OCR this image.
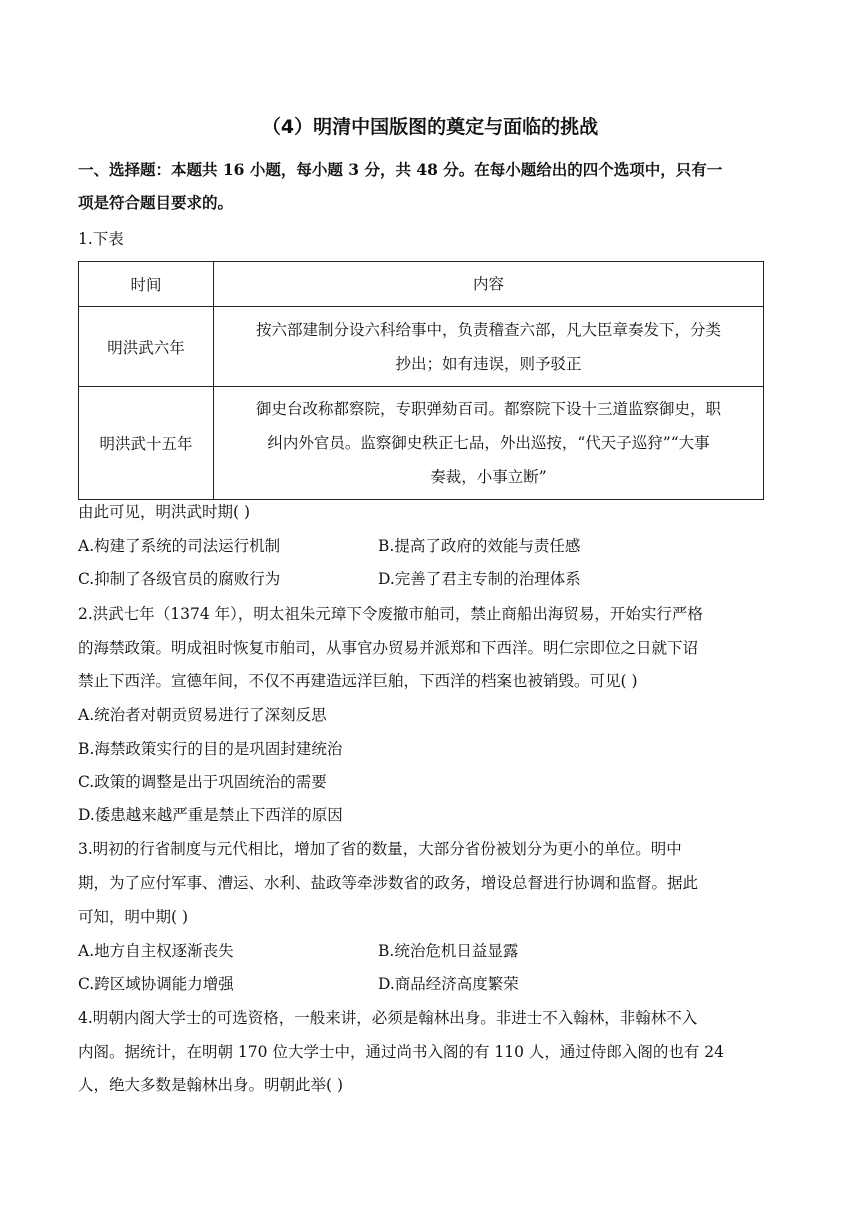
（4）明清中国版图的奠定与面临的挑战
一、选择题：本题共 16 小题，每小题 3 分，共 48 分。在每小题给出的四个选项中，只有一
项是符合题目要求的。
1.下表
时间	内容
明洪武六年	按六部建制分设六科给事中，负责稽查六部，凡大臣章奏发下，分类
抄出；如有违误，则予驳正

明洪武十五年	御史台改称都察院，专职弹劾百司。都察院下设十三道监察御史，职
纠内外官员。监察御史秩正七品，外出巡按，“代天子巡狩”“大事
奏裁，小事立断”
由此可见，明洪武时期( )
A.构建了系统的司法运行机制	B.提高了政府的效能与责任感
C.抑制了各级官员的腐败行为	D.完善了君主专制的治理体系
2.洪武七年（1374 年），明太祖朱元璋下令废撤市舶司，禁止商船出海贸易，开始实行严格
的海禁政策。明成祖时恢复市舶司，从事官办贸易并派郑和下西洋。明仁宗即位之日就下诏
禁止下西洋。宣德年间，不仅不再建造远洋巨舶，下西洋的档案也被销毁。可见( )
A.统治者对朝贡贸易进行了深刻反思
B.海禁政策实行的目的是巩固封建统治
C.政策的调整是出于巩固统治的需要
D.倭患越来越严重是禁止下西洋的原因
3.明初的行省制度与元代相比，增加了省的数量，大部分省份被划分为更小的单位。明中
期，为了应付军事、漕运、水利、盐政等牵涉数省的政务，增设总督进行协调和监督。据此
可知，明中期( )
A.地方自主权逐渐丧失	B.统治危机日益显露
C.跨区域协调能力增强	D.商品经济高度繁荣
4.明朝内阁大学士的可选资格，一般来讲，必须是翰林出身。非进士不入翰林，非翰林不入
内阁。据统计，在明朝 170 位大学士中，通过尚书入阁的有 110 人，通过侍郎入阁的也有 24
人，绝大多数是翰林出身。明朝此举( )
